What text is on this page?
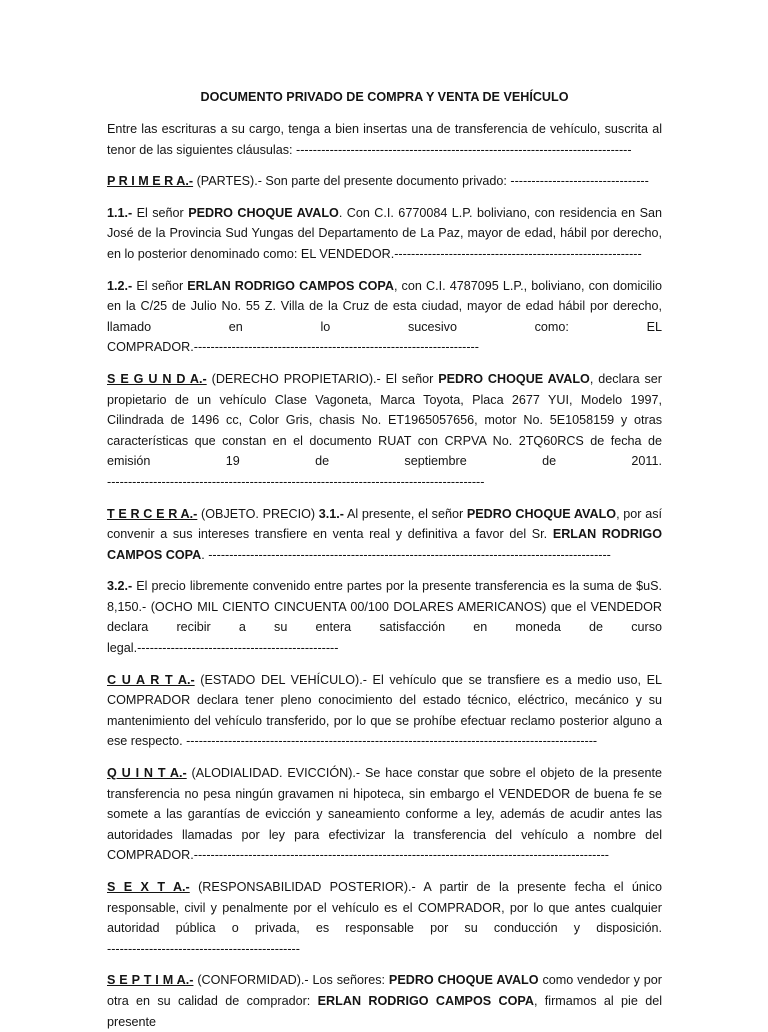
DOCUMENTO PRIVADO DE COMPRA Y VENTA DE VEHÍCULO

Entre las escrituras a su cargo, tenga a bien insertas una de transferencia de vehículo, suscrita al tenor de las siguientes cláusulas: --------------------------------------------------------------------------------

P R I M E R A.- (PARTES).- Son parte del presente documento privado: ---------------------------------

1.1.- El señor PEDRO CHOQUE AVALO. Con C.I. 6770084 L.P. boliviano, con residencia en San José de la Provincia Sud Yungas del Departamento de La Paz, mayor de edad, hábil por derecho, en lo posterior denominado como: EL VENDEDOR.-----------------------------------------------------------

1.2.- El señor ERLAN RODRIGO CAMPOS COPA, con C.I. 4787095 L.P., boliviano, con domicilio en la C/25 de Julio No. 55 Z. Villa de la Cruz de esta ciudad, mayor de edad hábil por derecho, llamado en lo sucesivo como: EL COMPRADOR.--------------------------------------------------------------------

S E G U N D A.- (DERECHO PROPIETARIO).- El señor PEDRO CHOQUE AVALO, declara ser propietario de un vehículo Clase Vagoneta, Marca Toyota, Placa 2677 YUI, Modelo 1997, Cilindrada de 1496 cc, Color Gris, chasis No. ET1965057656, motor No. 5E1058159 y otras características que constan en el documento RUAT con CRPVA No. 2TQ60RCS de fecha de emisión 19 de septiembre de 2011. ------------------------------------------------------------------------------------------

T E R C E R A.- (OBJETO. PRECIO) 3.1.- Al presente, el señor PEDRO CHOQUE AVALO, por así convenir a sus intereses transfiere en venta real y definitiva a favor del Sr. ERLAN RODRIGO CAMPOS COPA. ------------------------------------------------------------------------------------------------

3.2.- El precio libremente convenido entre partes por la presente transferencia es la suma de $uS. 8,150.- (OCHO MIL CIENTO CINCUENTA 00/100 DOLARES AMERICANOS) que el VENDEDOR declara recibir a su entera satisfacción en moneda de curso legal.------------------------------------------------

C U A R T A.- (ESTADO DEL VEHÍCULO).- El vehículo que se transfiere es a medio uso, EL COMPRADOR declara tener pleno conocimiento del estado técnico, eléctrico, mecánico y su mantenimiento del vehículo transferido, por lo que se prohíbe efectuar reclamo posterior alguno a ese respecto. --------------------------------------------------------------------------------------------------

Q U I N T A.- (ALODIALIDAD. EVICCIÓN).- Se hace constar que sobre el objeto de la presente transferencia no pesa ningún gravamen ni hipoteca, sin embargo el VENDEDOR de buena fe se somete a las garantías de evicción y saneamiento conforme a ley, además de acudir antes las autoridades llamadas por ley para efectivizar la transferencia del vehículo a nombre del COMPRADOR.---------------------------------------------------------------------------------------------------

S E X T A.- (RESPONSABILIDAD POSTERIOR).- A partir de la presente fecha el único responsable, civil y penalmente por el vehículo es el COMPRADOR, por lo que antes cualquier autoridad pública o privada, es responsable por su conducción y disposición. ----------------------------------------------

S E P T I M A.- (CONFORMIDAD).- Los señores: PEDRO CHOQUE AVALO como vendedor y por otra en su calidad de comprador: ERLAN RODRIGO CAMPOS COPA, firmamos al pie del presente
